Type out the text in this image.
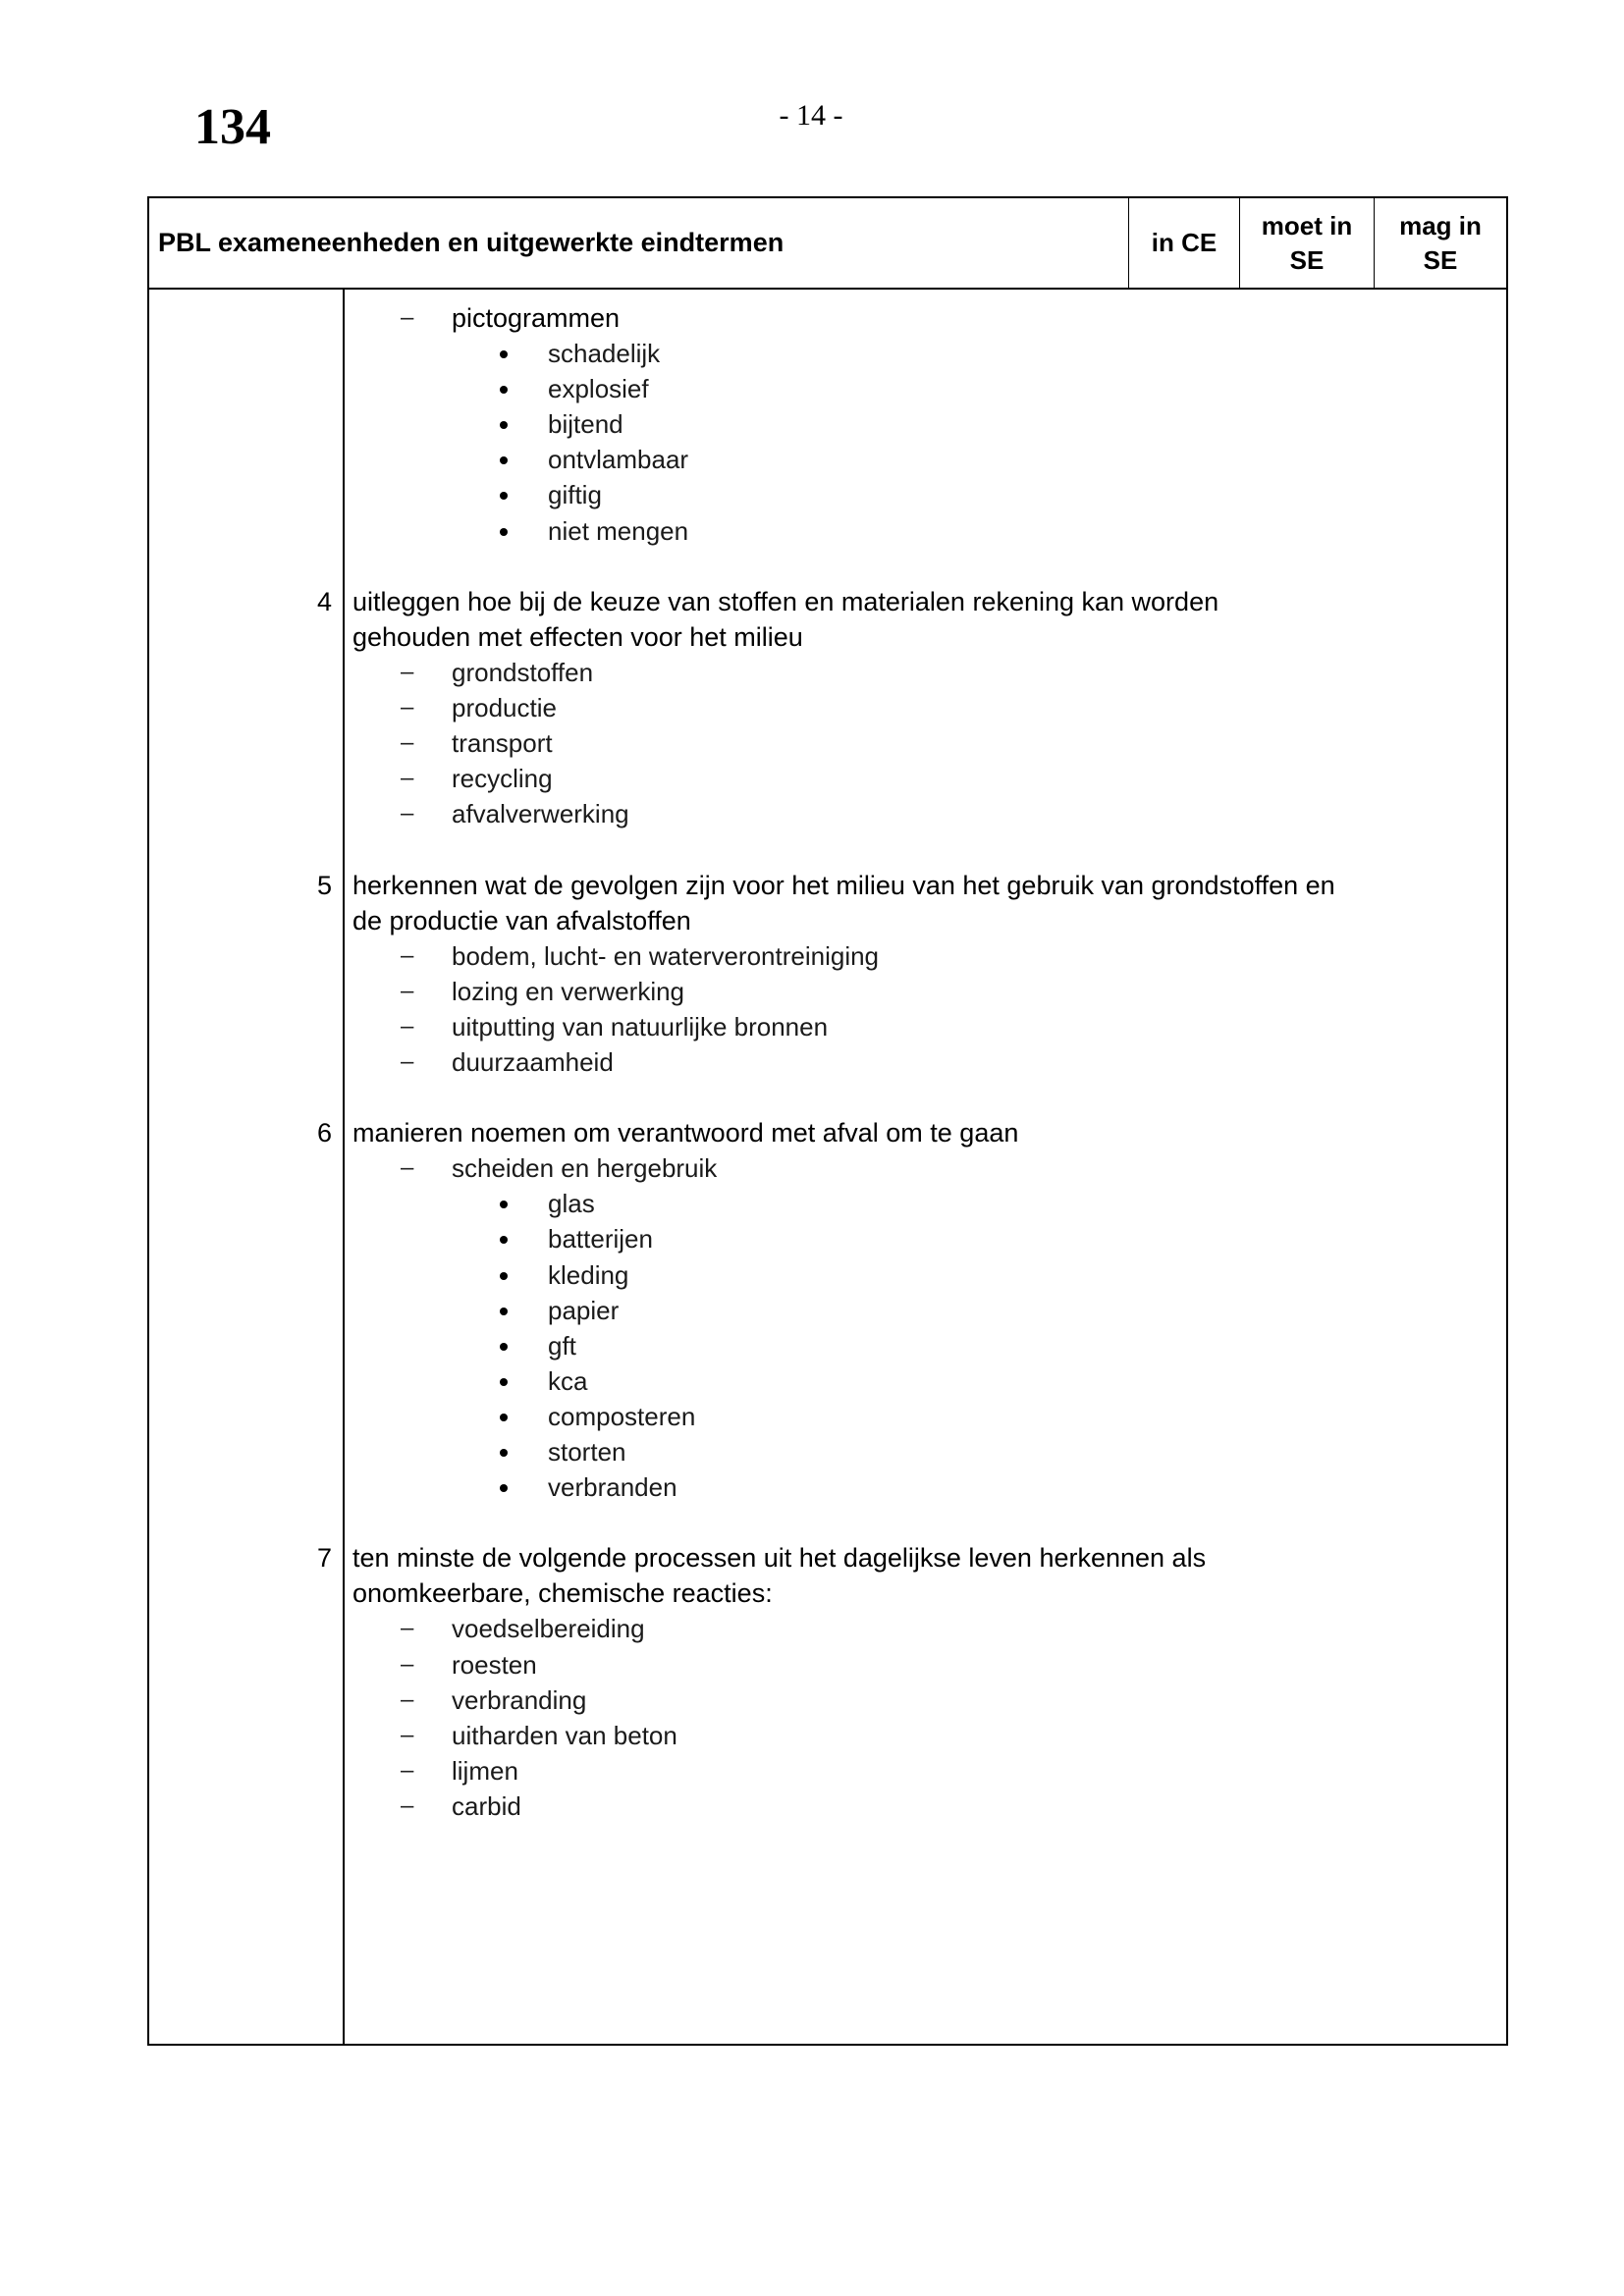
134	- 14 -
PBL exameneenheden en uitgewerkte eindtermen	in CE
moet in
SE
mag in
SE
– pictogrammen
schadelijk
explosief
bijtend
ontvlambaar
giftig
niet mengen
4 uitleggen hoe bij de keuze van stoffen en materialen rekening kan worden
gehouden met effecten voor het milieu
– grondstoffen
– productie
– transport
– recycling
– afvalverwerking
5 herkennen wat de gevolgen zijn voor het milieu van het gebruik van grondstoffen en
de productie van afvalstoffen
– bodem, lucht- en waterverontreiniging
– lozing en verwerking
– uitputting van natuurlijke bronnen
– duurzaamheid
6 manieren noemen om verantwoord met afval om te gaan
– scheiden en hergebruik
glas
batterijen
kleding
papier
gft
kca
composteren
storten
verbranden
7 ten minste de volgende processen uit het dagelijkse leven herkennen als
onomkeerbare, chemische reacties:
– voedselbereiding
– roesten
– verbranding
– uitharden van beton
– lijmen
– carbid
